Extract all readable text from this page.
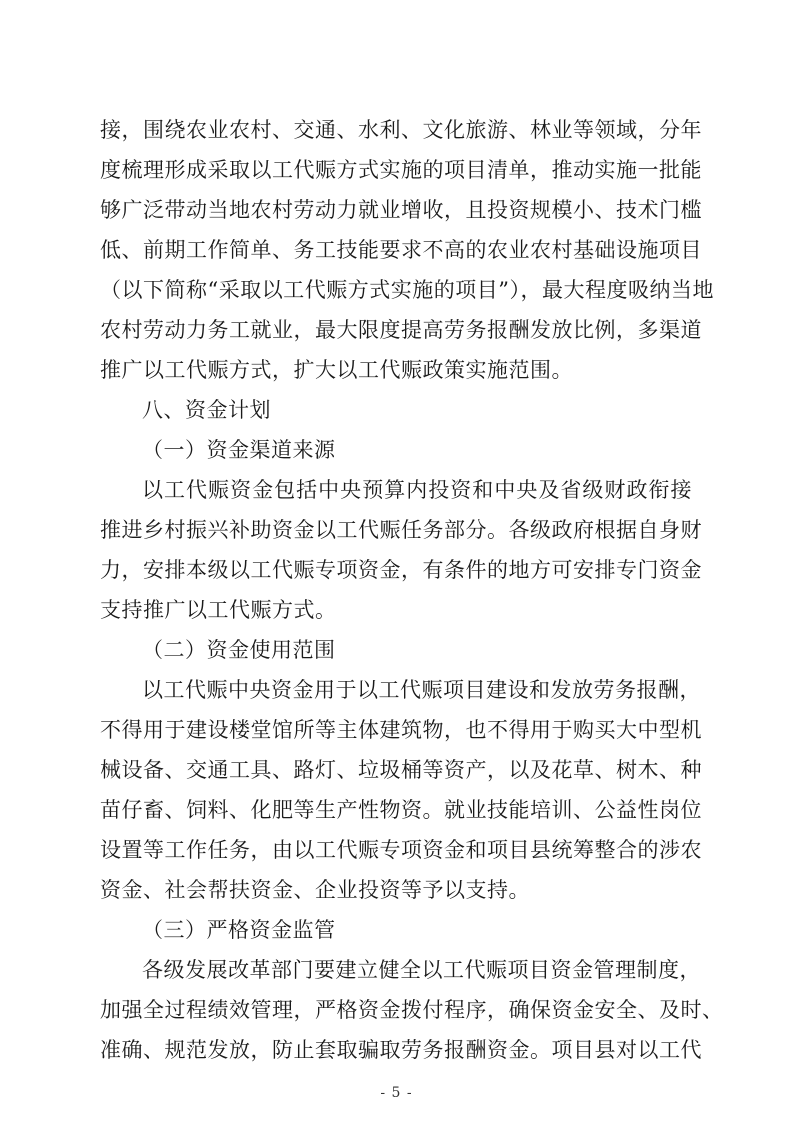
接，围绕农业农村、交通、水利、文化旅游、林业等领域，分年
度梳理形成采取以工代赈方式实施的项目清单，推动实施一批能
够广泛带动当地农村劳动力就业增收，且投资规模小、技术门槛
低、前期工作简单、务工技能要求不高的农业农村基础设施项目
（以下简称“采取以工代赈方式实施的项目”），最大程度吸纳当地
农村劳动力务工就业，最大限度提高劳务报酬发放比例，多渠道
推广以工代赈方式，扩大以工代赈政策实施范围。
八、资金计划
（一）资金渠道来源
以工代赈资金包括中央预算内投资和中央及省级财政衔接
推进乡村振兴补助资金以工代赈任务部分。各级政府根据自身财
力，安排本级以工代赈专项资金，有条件的地方可安排专门资金
支持推广以工代赈方式。
（二）资金使用范围
以工代赈中央资金用于以工代赈项目建设和发放劳务报酬，
不得用于建设楼堂馆所等主体建筑物，也不得用于购买大中型机
械设备、交通工具、路灯、垃圾桶等资产，以及花草、树木、种
苗仔畜、饲料、化肥等生产性物资。就业技能培训、公益性岗位
设置等工作任务，由以工代赈专项资金和项目县统筹整合的涉农
资金、社会帮扶资金、企业投资等予以支持。
（三）严格资金监管
各级发展改革部门要建立健全以工代赈项目资金管理制度，
加强全过程绩效管理，严格资金拨付程序，确保资金安全、及时、
准确、规范发放，防止套取骗取劳务报酬资金。项目县对以工代
- 5 -
